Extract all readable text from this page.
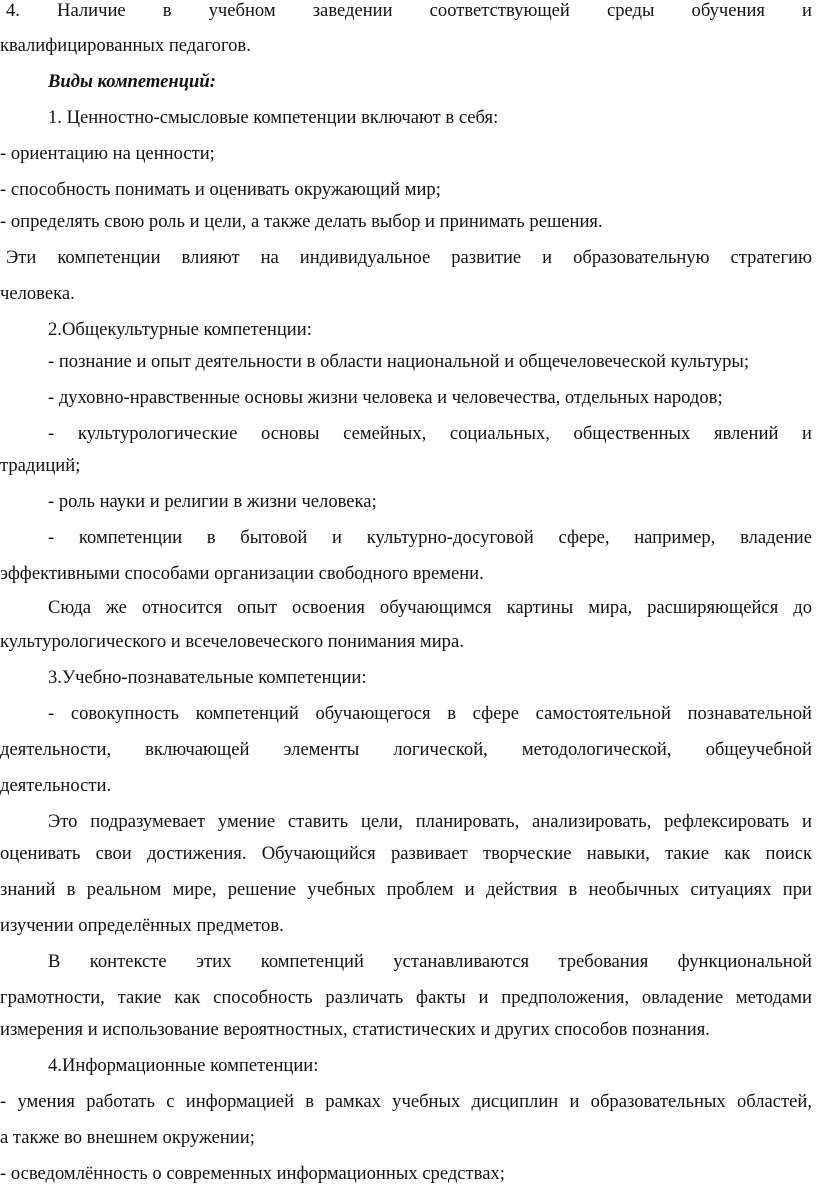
4. Наличие в учебном заведении соответствующей среды обучения и
квалифицированных педагогов.
Виды компетенций:
1. Ценностно-смысловые компетенции включают в себя:
- ориентацию на ценности;
- способность понимать и оценивать окружающий мир;
- определять свою роль и цели, а также делать выбор и принимать решения.
Эти компетенции влияют на индивидуальное развитие и образовательную стратегию
человека.
2.Общекультурные компетенции:
- познание и опыт деятельности в области национальной и общечеловеческой культуры;
- духовно-нравственные основы жизни человека и человечества, отдельных народов;
- культурологические основы семейных, социальных, общественных явлений и
традиций;
- роль науки и религии в жизни человека;
- компетенции в бытовой и культурно-досуговой сфере, например, владение
эффективными способами организации свободного времени.
Сюда же относится опыт освоения обучающимся картины мира, расширяющейся до
культурологического и всечеловеческого понимания мира.
3.Учебно-познавательные компетенции:
- совокупность компетенций обучающегося в сфере самостоятельной познавательной
деятельности, включающей элементы логической, методологической, общеучебной
деятельности.
Это подразумевает умение ставить цели, планировать, анализировать, рефлексировать и
оценивать свои достижения. Обучающийся развивает творческие навыки, такие как поиск
знаний в реальном мире, решение учебных проблем и действия в необычных ситуациях при
изучении определённых предметов.
В контексте этих компетенций устанавливаются требования функциональной
грамотности, такие как способность различать факты и предположения, овладение методами
измерения и использование вероятностных, статистических и других способов познания.
4.Информационные компетенции:
- умения работать с информацией в рамках учебных дисциплин и образовательных областей,
а также во внешнем окружении;
- осведомлённость о современных информационных средствах;
